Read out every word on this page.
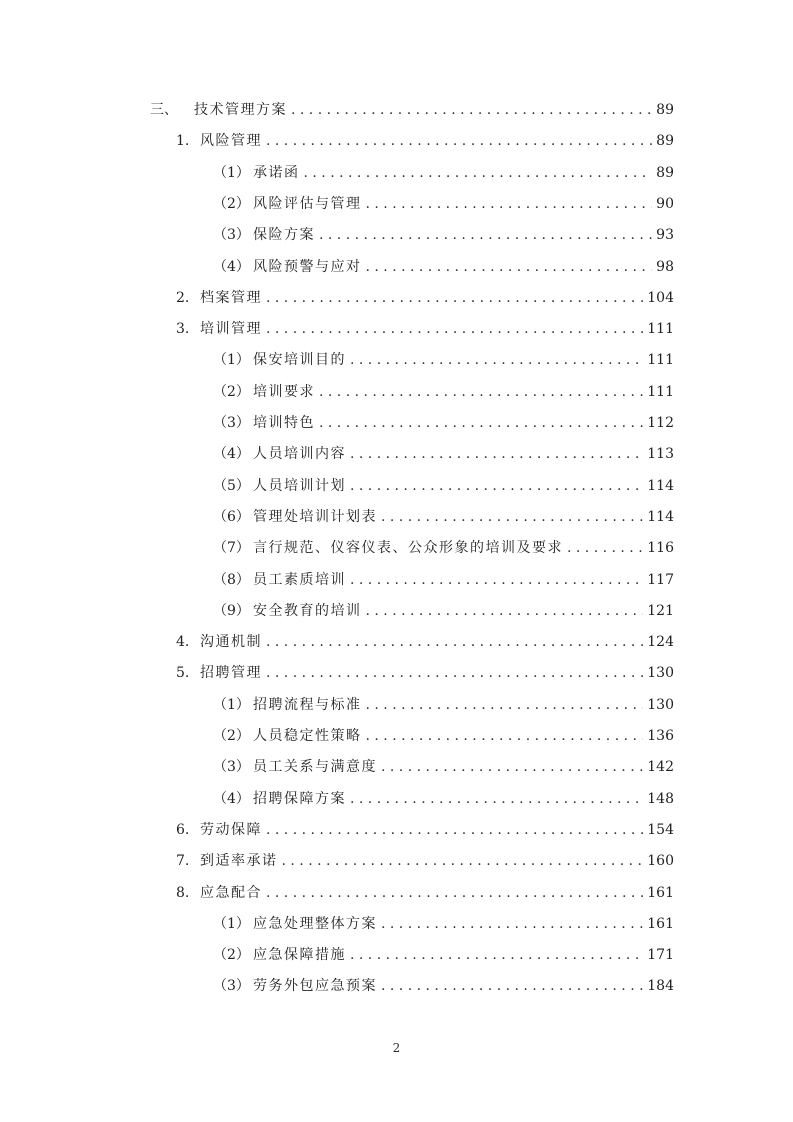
三、	技术管理方案 . . .	89
1. 风险管理 . . .	89
（1） 承诺函 . . .	89
（2） 风险评估与管理 . . .	90
（3） 保险方案 . . .	93
（4） 风险预警与应对 . . .	98
2. 档案管理 . . .	104
3. 培训管理 . . .	111
（1） 保安培训目的 . . .	111
（2） 培训要求 . . .	111
（3） 培训特色 . . .	112
（4） 人员培训内容 . . .	113
（5） 人员培训计划 . . .	114
（6） 管理处培训计划表 . . .	114
（7） 言行规范、仪容仪表、公众形象的培训及要求 . . .	116
（8） 员工素质培训 . . .	117
（9） 安全教育的培训 . . .	121
4. 沟通机制 . . .	124
5. 招聘管理 . . .	130
（1） 招聘流程与标准 . . .	130
（2） 人员稳定性策略 . . .	136
（3） 员工关系与满意度 . . .	142
（4） 招聘保障方案 . . .	148
6. 劳动保障 . . .	154
7. 到适率承诺 . . .	160
8. 应急配合 . . .	161
（1） 应急处理整体方案 . . .	161
（2） 应急保障措施 . . .	171
（3） 劳务外包应急预案 . . .	184
2
